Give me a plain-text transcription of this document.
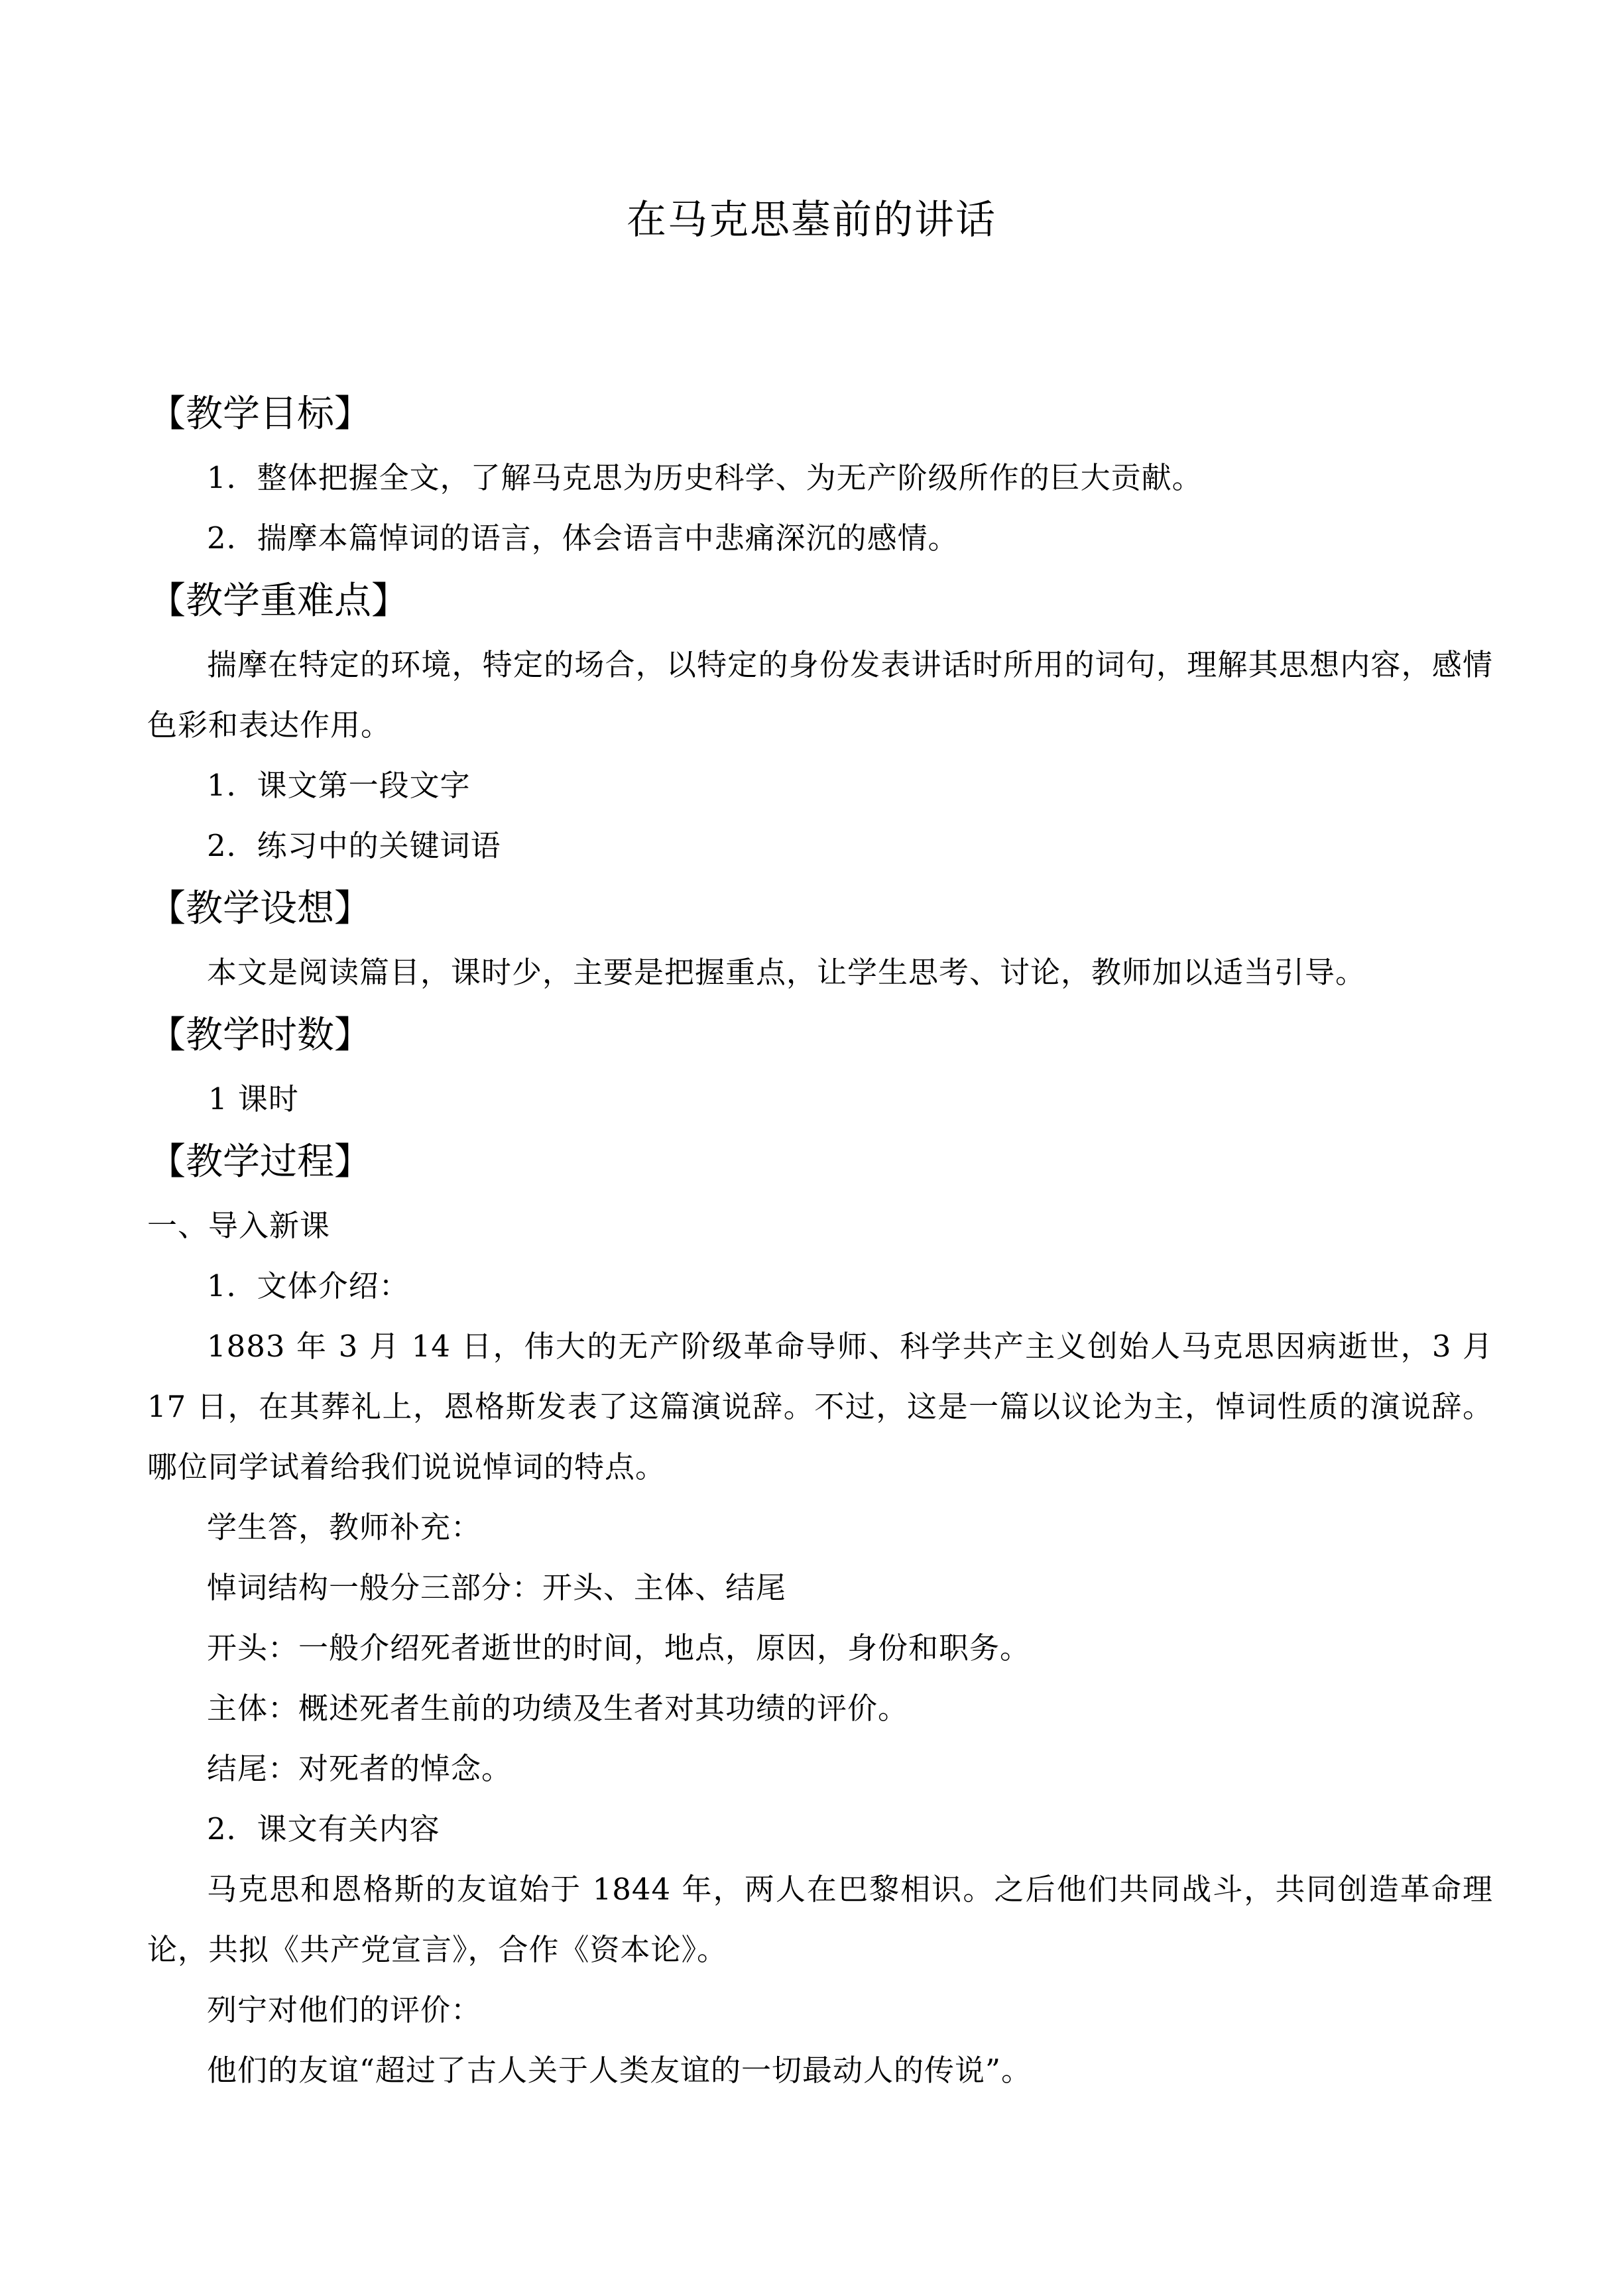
在马克思墓前的讲话
【教学目标】

1．整体把握全文，了解马克思为历史科学、为无产阶级所作的巨大贡献。

2．揣摩本篇悼词的语言，体会语言中悲痛深沉的感情。

【教学重难点】

揣摩在特定的环境，特定的场合，以特定的身份发表讲话时所用的词句，理解其思想内容，感情色彩和表达作用。

1．课文第一段文字

2．练习中的关键词语

【教学设想】

本文是阅读篇目，课时少，主要是把握重点，让学生思考、讨论，教师加以适当引导。

【教学时数】

1 课时

【教学过程】

一、导入新课

1．文体介绍：

1883 年 3 月 14 日，伟大的无产阶级革命导师、科学共产主义创始人马克思因病逝世，3 月 17 日，在其葬礼上，恩格斯发表了这篇演说辞。不过，这是一篇以议论为主，悼词性质的演说辞。哪位同学试着给我们说说悼词的特点。

学生答，教师补充：

悼词结构一般分三部分：开头、主体、结尾

开头：一般介绍死者逝世的时间，地点，原因，身份和职务。

主体：概述死者生前的功绩及生者对其功绩的评价。

结尾：对死者的悼念。

2．课文有关内容

马克思和恩格斯的友谊始于 1844 年，两人在巴黎相识。之后他们共同战斗，共同创造革命理论，共拟《共产党宣言》，合作《资本论》。

列宁对他们的评价：

他们的友谊“超过了古人关于人类友谊的一切最动人的传说”。
